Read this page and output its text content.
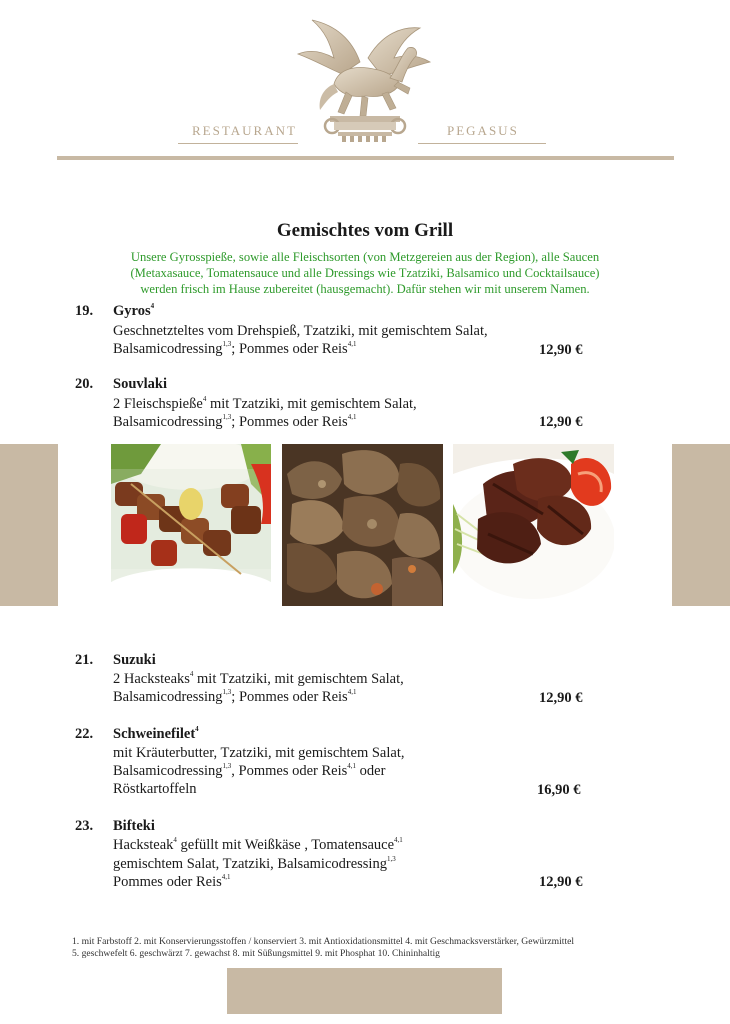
RESTAURANT	PEGASUS
Gemischtes vom Grill
Unsere Gyrosspieße, sowie alle Fleischsorten (von Metzgereien aus der Region), alle Saucen
(Metaxasauce, Tomatensauce und alle Dressings wie Tzatziki, Balsamico und Cocktailsauce)
werden frisch im Hause zubereitet (hausgemacht). Dafür stehen wir mit unserem Namen.
19. Gyros$^4$
Geschnetzteltes vom Drehspieß, Tzatziki, mit gemischtem Salat,
Balsamicodressing$^{1,3}$; Pommes oder Reis$^{4,1}$	12,90 €
20. Souvlaki
2 Fleischspieße$^4$ mit Tzatziki, mit gemischtem Salat,
Balsamicodressing$^{1,3}$; Pommes oder Reis$^{4,1}$	12,90 €
21. Suzuki
2 Hacksteaks$^4$ mit Tzatziki, mit gemischtem Salat,
Balsamicodressing$^{1,3}$; Pommes oder Reis$^{4,1}$	12,90 €
22. Schweinefilet$^4$
mit Kräuterbutter, Tzatziki, mit gemischtem Salat,
Balsamicodressing$^{1,3}$, Pommes oder Reis$^{4,1}$ oder
Röstkartoffeln	16,90 €
23. Bifteki
Hacksteak$^4$ gefüllt mit Weißkäse , Tomatensauce$^{4,1}$
gemischtem Salat, Tzatziki, Balsamicodressing$^{1,3}$
Pommes oder Reis$^{4,1}$	12,90 €
1. mit Farbstoff 2. mit Konservierungsstoffen / konserviert 3. mit Antioxidationsmittel 4. mit Geschmacksverstärker, Gewürzmittel
5. geschwefelt 6. geschwärzt 7. gewachst 8. mit Süßungsmittel 9. mit Phosphat 10. Chininhaltig
